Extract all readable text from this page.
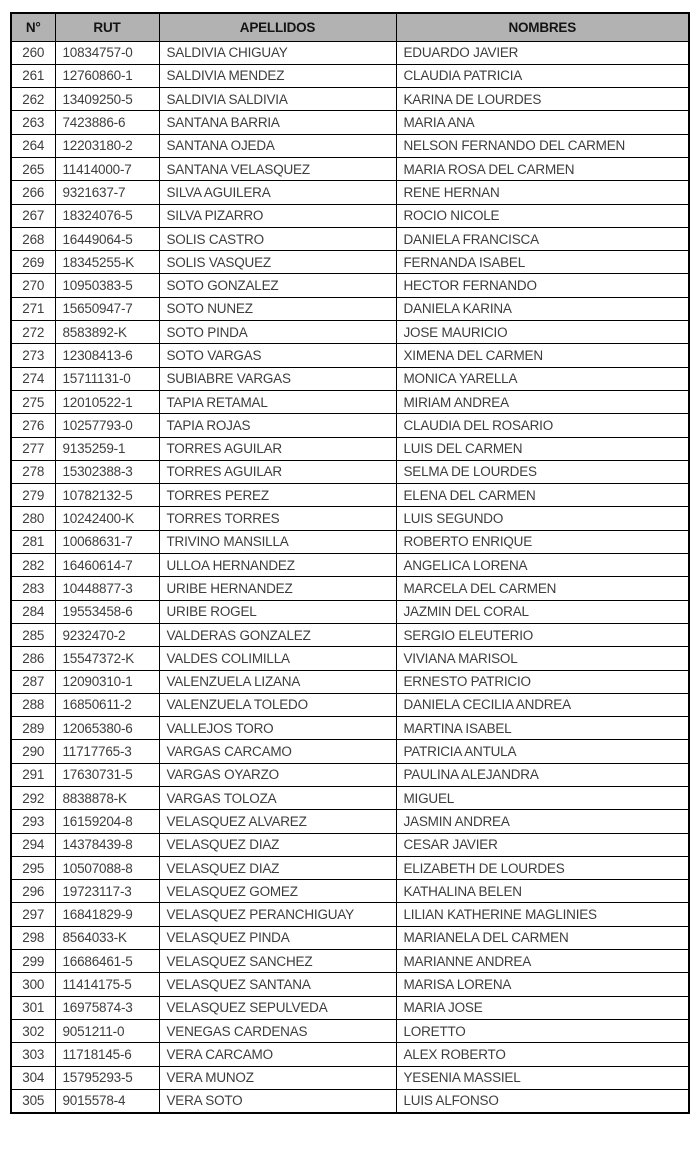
N°	RUT	APELLIDOS	NOMBRES
260	10834757-0	SALDIVIA CHIGUAY	EDUARDO JAVIER
261	12760860-1	SALDIVIA MENDEZ	CLAUDIA PATRICIA
262	13409250-5	SALDIVIA SALDIVIA	KARINA DE LOURDES
263	7423886-6	SANTANA BARRIA	MARIA ANA
264	12203180-2	SANTANA OJEDA	NELSON FERNANDO DEL CARMEN
265	11414000-7	SANTANA VELASQUEZ	MARIA ROSA DEL CARMEN
266	9321637-7	SILVA AGUILERA	RENE HERNAN
267	18324076-5	SILVA PIZARRO	ROCIO NICOLE
268	16449064-5	SOLIS CASTRO	DANIELA FRANCISCA
269	18345255-K	SOLIS VASQUEZ	FERNANDA ISABEL
270	10950383-5	SOTO GONZALEZ	HECTOR FERNANDO
271	15650947-7	SOTO NUNEZ	DANIELA KARINA
272	8583892-K	SOTO PINDA	JOSE MAURICIO
273	12308413-6	SOTO VARGAS	XIMENA DEL CARMEN
274	15711131-0	SUBIABRE VARGAS	MONICA YARELLA
275	12010522-1	TAPIA RETAMAL	MIRIAM ANDREA
276	10257793-0	TAPIA ROJAS	CLAUDIA DEL ROSARIO
277	9135259-1	TORRES AGUILAR	LUIS DEL CARMEN
278	15302388-3	TORRES AGUILAR	SELMA DE LOURDES
279	10782132-5	TORRES PEREZ	ELENA DEL CARMEN
280	10242400-K	TORRES TORRES	LUIS SEGUNDO
281	10068631-7	TRIVINO MANSILLA	ROBERTO ENRIQUE
282	16460614-7	ULLOA HERNANDEZ	ANGELICA LORENA
283	10448877-3	URIBE HERNANDEZ	MARCELA DEL CARMEN
284	19553458-6	URIBE ROGEL	JAZMIN DEL CORAL
285	9232470-2	VALDERAS GONZALEZ	SERGIO ELEUTERIO
286	15547372-K	VALDES COLIMILLA	VIVIANA MARISOL
287	12090310-1	VALENZUELA LIZANA	ERNESTO PATRICIO
288	16850611-2	VALENZUELA TOLEDO	DANIELA CECILIA ANDREA
289	12065380-6	VALLEJOS TORO	MARTINA ISABEL
290	11717765-3	VARGAS CARCAMO	PATRICIA ANTULA
291	17630731-5	VARGAS OYARZO	PAULINA ALEJANDRA
292	8838878-K	VARGAS TOLOZA	MIGUEL
293	16159204-8	VELASQUEZ ALVAREZ	JASMIN ANDREA
294	14378439-8	VELASQUEZ DIAZ	CESAR JAVIER
295	10507088-8	VELASQUEZ DIAZ	ELIZABETH DE LOURDES
296	19723117-3	VELASQUEZ GOMEZ	KATHALINA BELEN
297	16841829-9	VELASQUEZ PERANCHIGUAY	LILIAN KATHERINE MAGLINIES
298	8564033-K	VELASQUEZ PINDA	MARIANELA DEL CARMEN
299	16686461-5	VELASQUEZ SANCHEZ	MARIANNE ANDREA
300	11414175-5	VELASQUEZ SANTANA	MARISA LORENA
301	16975874-3	VELASQUEZ SEPULVEDA	MARIA JOSE
302	9051211-0	VENEGAS CARDENAS	LORETTO
303	11718145-6	VERA CARCAMO	ALEX ROBERTO
304	15795293-5	VERA MUNOZ	YESENIA MASSIEL
305	9015578-4	VERA SOTO	LUIS ALFONSO
